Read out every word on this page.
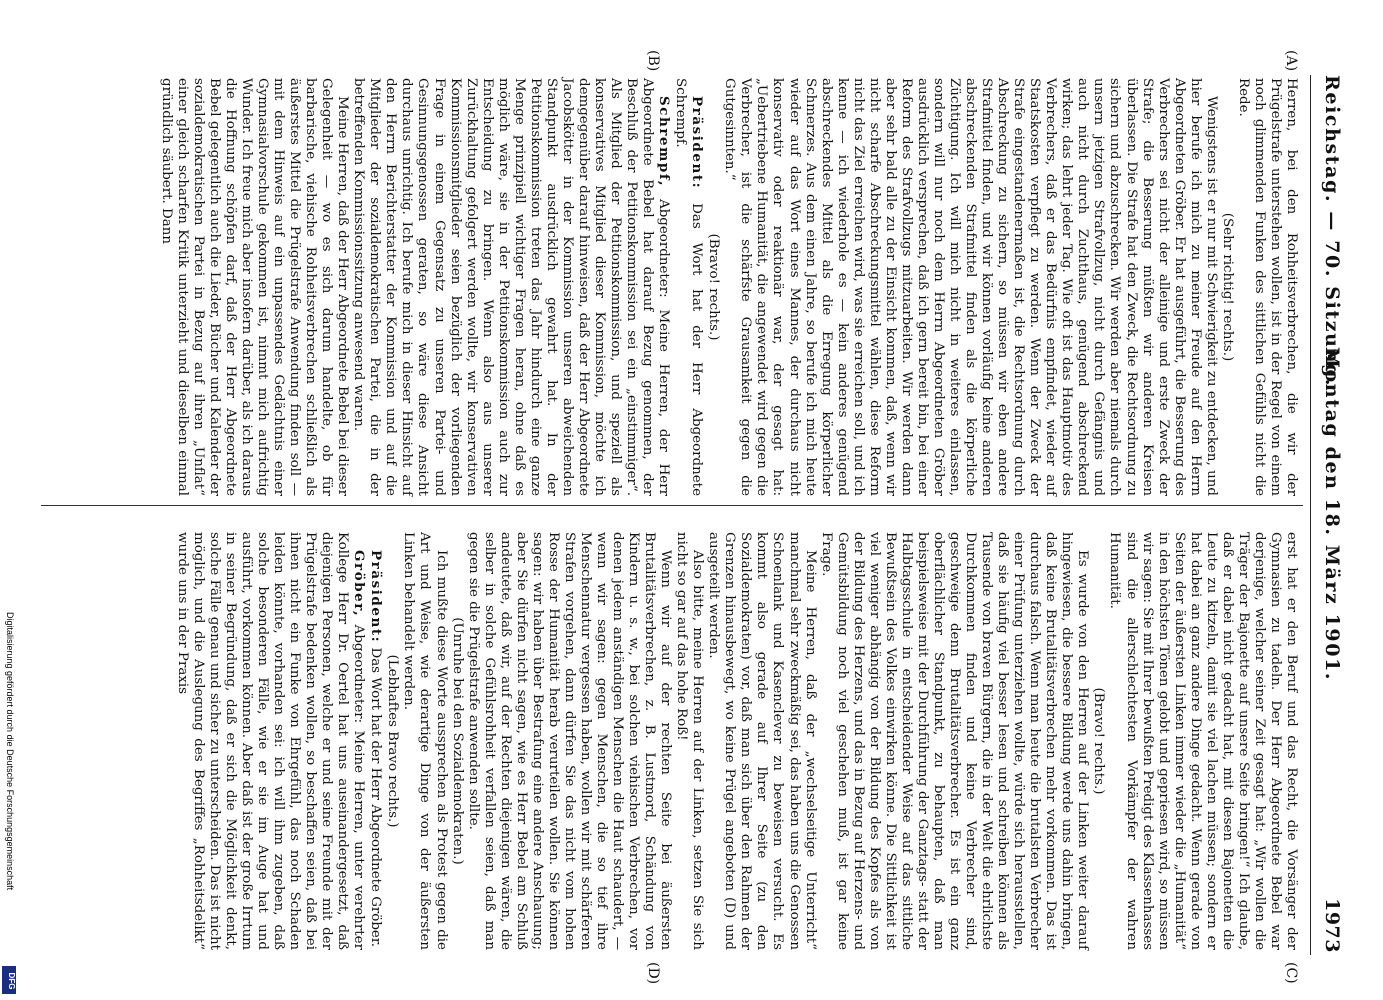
Reichstag. — 70. Sitzung.
Montag den 18. März 1901.
1973
(A)
(B)
(C)
(D)

Herren, bei den Rohheitsverbrechen, die wir der Prügelstrafe unterstehen wollen, ist in der Regel von einem noch glimmenden Funken des sittlichen Gefühls nicht die Rede.

(Sehr richtig! rechts.)

Wenigstens ist er nur mit Schwierigkeit zu entdecken, und hier berufe ich mich zu meiner Freude auf den Herrn Abgeordneten Gröber. Er hat ausgeführt, die Besserung des Verbrechers sei nicht der alleinige und erste Zweck der Strafe; die Besserung müßten wir anderen Kreisen überlassen. Die Strafe hat den Zweck, die Rechtsordnung zu sichern und abzuschrecken. Wir werden aber niemals durch unsern jetzigen Strafvollzug, nicht durch Gefängnis und auch nicht durch Zuchthaus, genügend abschreckend wirken; das lehrt jeder Tag. Wie oft ist das Hauptmotiv des Verbrechers, daß er das Bedürfnis empfindet, wieder auf Staatskosten verpflegt zu werden. Wenn der Zweck der Strafe eingestandenermaßen ist, die Rechtsordnung durch Abschreckung zu sichern, so müssen wir eben andere Strafmittel finden, und wir können vorläufig keine anderen abschreckenden Strafmittel finden als die körperliche Züchtigung. Ich will mich nicht in weiteres einlassen, sondern will nur noch dem Herrn Abgeordneten Gröber ausdrücklich versprechen, daß ich gern bereit bin, bei einer Reform des Strafvollzugs mitzuarbeiten. Wir werden dann aber sehr bald alle zu der Einsicht kommen, daß, wenn wir nicht scharfe Abschreckungsmittel wählen, diese Reform nicht das Ziel erreichen wird, was sie erreichen soll, und ich kenne — ich wiederhole es — kein anderes genügend abschreckendes Mittel als die Erregung körperlicher Schmerzes. Aus dem einen Jahre, so berufe ich mich heute wieder auf das Wort eines Mannes, der durchaus nicht konservativ oder reaktionär war, der gesagt hat: „Uebertriebene Humanität, die angewendet wird gegen die Verbrecher, ist die schärfste Grausamkeit gegen die Gutgesinnten.“

(Bravo! rechts.)

Präsident: Das Wort hat der Herr Abgeordnete Schrempf.

Schrempf, Abgeordneter: Meine Herren, der Herr Abgeordnete Bebel hat darauf Bezug genommen, der Beschluß der Petitionskommission sei ein „einstimmiger“. Als Mitglied der Petitionskommission, und speziell als konservatives Mitglied dieser Kommission, möchte ich demgegenüber darauf hinweisen, daß der Herr Abgeordnete Jacobskötter in der Kommission unseren abweichenden Standpunkt ausdrücklich gewahrt hat. In der Petitionskommission treten das Jahr hindurch eine ganze Menge prinzipiell wichtiger Fragen heran, ohne daß es möglich wäre, sie in der Petitionskommission auch zur Entscheidung zu bringen. Wenn also aus unserer Zurückhaltung gefolgert werden wollte, wir konservativen Kommissionsmitglieder seien bezüglich der vorliegenden Frage in einem Gegensatz zu unseren Partei- und Gesinnungsgenossen geraten, so wäre diese Ansicht durchaus unrichtig. Ich berufe mich in dieser Hinsicht auf den Herrn Berichterstatter der Kommission und auf die Mitglieder der sozialdemokratischen Partei, die in der betreffenden Kommissionssitzung anwesend waren.

Meine Herren, daß der Herr Abgeordnete Bebel bei dieser Gelegenheit — wo es sich darum handelte, ob für barbarische, viehische Rohheitsverbrechen schließlich als äußerstes Mittel die Prügelstrafe Anwendung finden soll — mit dem Hinweis auf ein unpassendes Gedächtnis einer Gymnasialvorschule gekommen ist, nimmt mich aufrichtig Wunder. Ich freue mich aber insofern darüber, als ich daraus die Hoffnung schöpfen darf, daß der Herr Abgeordnete Bebel gelegentlich auch die Lieder, Bücher und Kalender der sozialdemokratischen Partei in Bezug auf ihren „Unflat“ einer gleich scharfen Kritik unterzieht und dieselben einmal gründlich säubert. Dann

erst hat er den Beruf und das Recht, die Vorsänger der Gymnasien zu tadeln. Der Herr Abgeordnete Bebel war derjenige, welcher seiner Zeit gesagt hat: „Wir wollen die Träger der Bajonette auf unsere Seite bringen!“ Ich glaube, daß er dabei nicht gedacht hat, mit diesen Bajonetten die Leute zu kitzeln, damit sie viel lachen müssen; sondern er hat dabei an ganz andere Dinge gedacht. Wenn gerade von Seiten der äußersten Linken immer wieder die „Humanität“ in den höchsten Tönen gelobt und gepriesen wird, so müssen wir sagen: Sie mit Ihrer bewußten Predigt des Klassenhasses sind die allerschlechtesten Vorkämpfer der wahren Humanität.

(Bravo! rechts.)

Es wurde von den Herren auf der Linken weiter darauf hingewiesen, die bessere Bildung werde uns dahin bringen, daß keine Brutalitätsverbrechen mehr vorkommen. Das ist durchaus falsch. Wenn man heute die brutalsten Verbrecher einer Prüfung unterziehen wollte, würde sich herausstellen, daß sie häufig viel besser lesen und schreiben können als Tausende von braven Bürgern, die in der Welt die ehrlichste Durchkommen finden und keine Verbrecher sind, geschweige denn Brutalitätsverbrecher. Es ist ein ganz oberflächlicher Standpunkt, zu behaupten, daß man beispielsweise mit der Durchführung der Ganztags- statt der Halbtagsschule in entscheidender Weise auf das sittliche Bewußtsein des Volkes einwirken könne. Die Sittlichkeit ist viel weniger abhängig von der Bildung des Kopfes als von der Bildung des Herzens, und das in Bezug auf Herzens- und Gemütsbildung noch viel geschehen muß, ist gar keine Frage.

Meine Herren, daß der „wechselseitige Unterricht“ manchmal sehr zweckmäßig sei, das haben uns die Genossen Schoenlank und Kasenclever zu beweisen versucht. Es kommt also gerade auf Ihrer Seite (zu den Sozialdemokraten) vor, daß man sich über den Rahmen der Grenzen hinausbewegt, wo keine Prügel angeboten (D) und ausgeteilt werden.

Also bitte, meine Herren auf der Linken, setzen Sie sich nicht so gar auf das hohe Roß!

Wenn wir auf der rechten Seite bei äußersten Brutalitätsverbrechen, z. B. Lustmord, Schändung von Kindern u. s. w., bei solchen viehischen Verbrechen, vor denen jedem anständigen Menschen die Haut schaudert, — wenn wir sagen: gegen Menschen, die so tief ihre Menschennatur vergessen haben, wollen wir mit schärferen Strafen vorgehen, dann dürfen Sie das nicht vom hohen Rosse der Humanität herab verurteilen wollen. Sie können sagen: wir haben über Bestrafung eine andere Anschauung; aber Sie dürfen nicht sagen, wie es Herr Bebel am Schluß andeutete, daß wir, auf der Rechten diejenigen wären, die selber in solche Gefühlsrohheit verfallen seien, daß man gegen sie die Prügelstrafe anwenden sollte.

(Unruhe bei den Sozialdemokraten.)

Ich mußte diese Worte aussprechen als Protest gegen die Art und Weise, wie derartige Dinge von der äußersten Linken behandelt werden.

(Lebhaftes Bravo rechts.)

Präsident: Das Wort hat der Herr Abgeordnete Gröber.

Gröber, Abgeordneter: Meine Herren, unter verehrter Kollege Herr Dr. Oertel hat uns auseinandergesetzt, daß diejenigen Personen, welche er und seine Freunde mit der Prügelstrafe bedenken wollen, so beschaffen seien, daß bei ihnen nicht ein Funke von Ehrgefühl, das noch Schaden leiden könnte, vorhanden sei: ich will ihm zugeben, daß solche besonderen Fälle, wie er sie im Auge hat und ausführt, vorkommen können. Aber daß ist der große Irrtum in seiner Begründung, daß er sich die Möglichkeit denkt, solche Fälle genau und sicher zu unterscheiden. Das ist nicht möglich, und die Auslegung des Begriffes „Rohheitsdelikt“ wurde uns in der Praxis

Digitalisierung gefördert durch die Deutsche Forschungsgemeinschaft
DFG
